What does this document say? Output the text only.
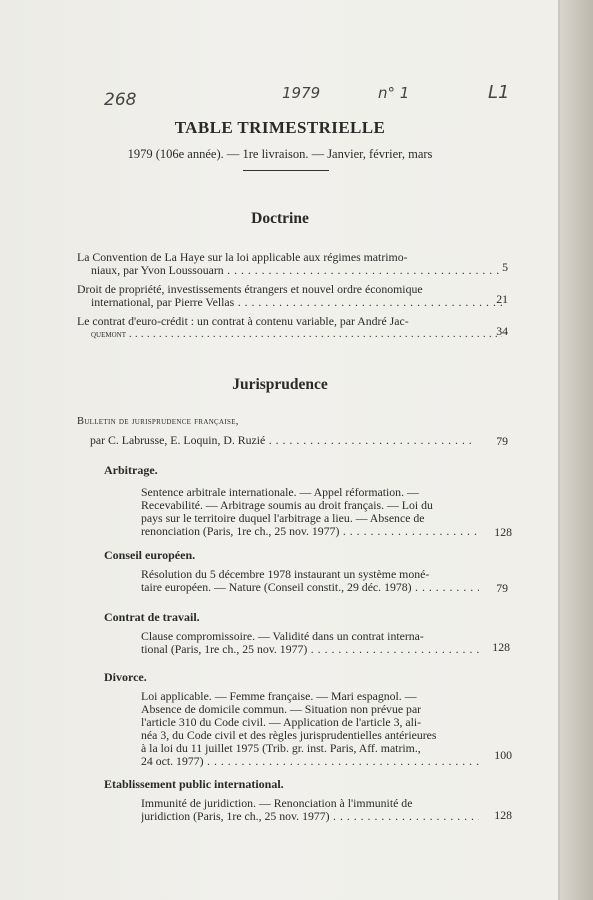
268	1979	n° 1	L1
TABLE TRIMESTRIELLE
1979 (106e année). — 1re livraison. — Janvier, février, mars
Doctrine
La Convention de La Haye sur la loi applicable aux régimes matrimo-
niaux, par Yvon Loussouarn . . .	5
Droit de propriété, investissements étrangers et nouvel ordre économique
international, par Pierre Vellas . . .	21
Le contrat d'euro-crédit : un contrat à contenu variable, par André Jac-
quemont . . .	34
Jurisprudence
Bulletin de jurisprudence française,
par C. Labrusse, E. Loquin, D. Ruzié . . .	79
Arbitrage.
Sentence arbitrale internationale. — Appel réformation. —
Recevabilité. — Arbitrage soumis au droit français. — Loi du
pays sur le territoire duquel l'arbitrage a lieu. — Absence de
renonciation (Paris, 1re ch., 25 nov. 1977) . . .	128
Conseil européen.
Résolution du 5 décembre 1978 instaurant un système moné-
taire européen. — Nature (Conseil constit., 29 déc. 1978) . . .	79
Contrat de travail.
Clause compromissoire. — Validité dans un contrat interna-
tional (Paris, 1re ch., 25 nov. 1977) . . .	128
Divorce.
Loi applicable. — Femme française. — Mari espagnol. —
Absence de domicile commun. — Situation non prévue par
l'article 310 du Code civil. — Application de l'article 3, ali-
néa 3, du Code civil et des règles jurisprudentielles antérieures
à la loi du 11 juillet 1975 (Trib. gr. inst. Paris, Aff. matrim.,
24 oct. 1977) . . .	100
Etablissement public international.
Immunité de juridiction. — Renonciation à l'immunité de
juridiction (Paris, 1re ch., 25 nov. 1977) . . .	128
